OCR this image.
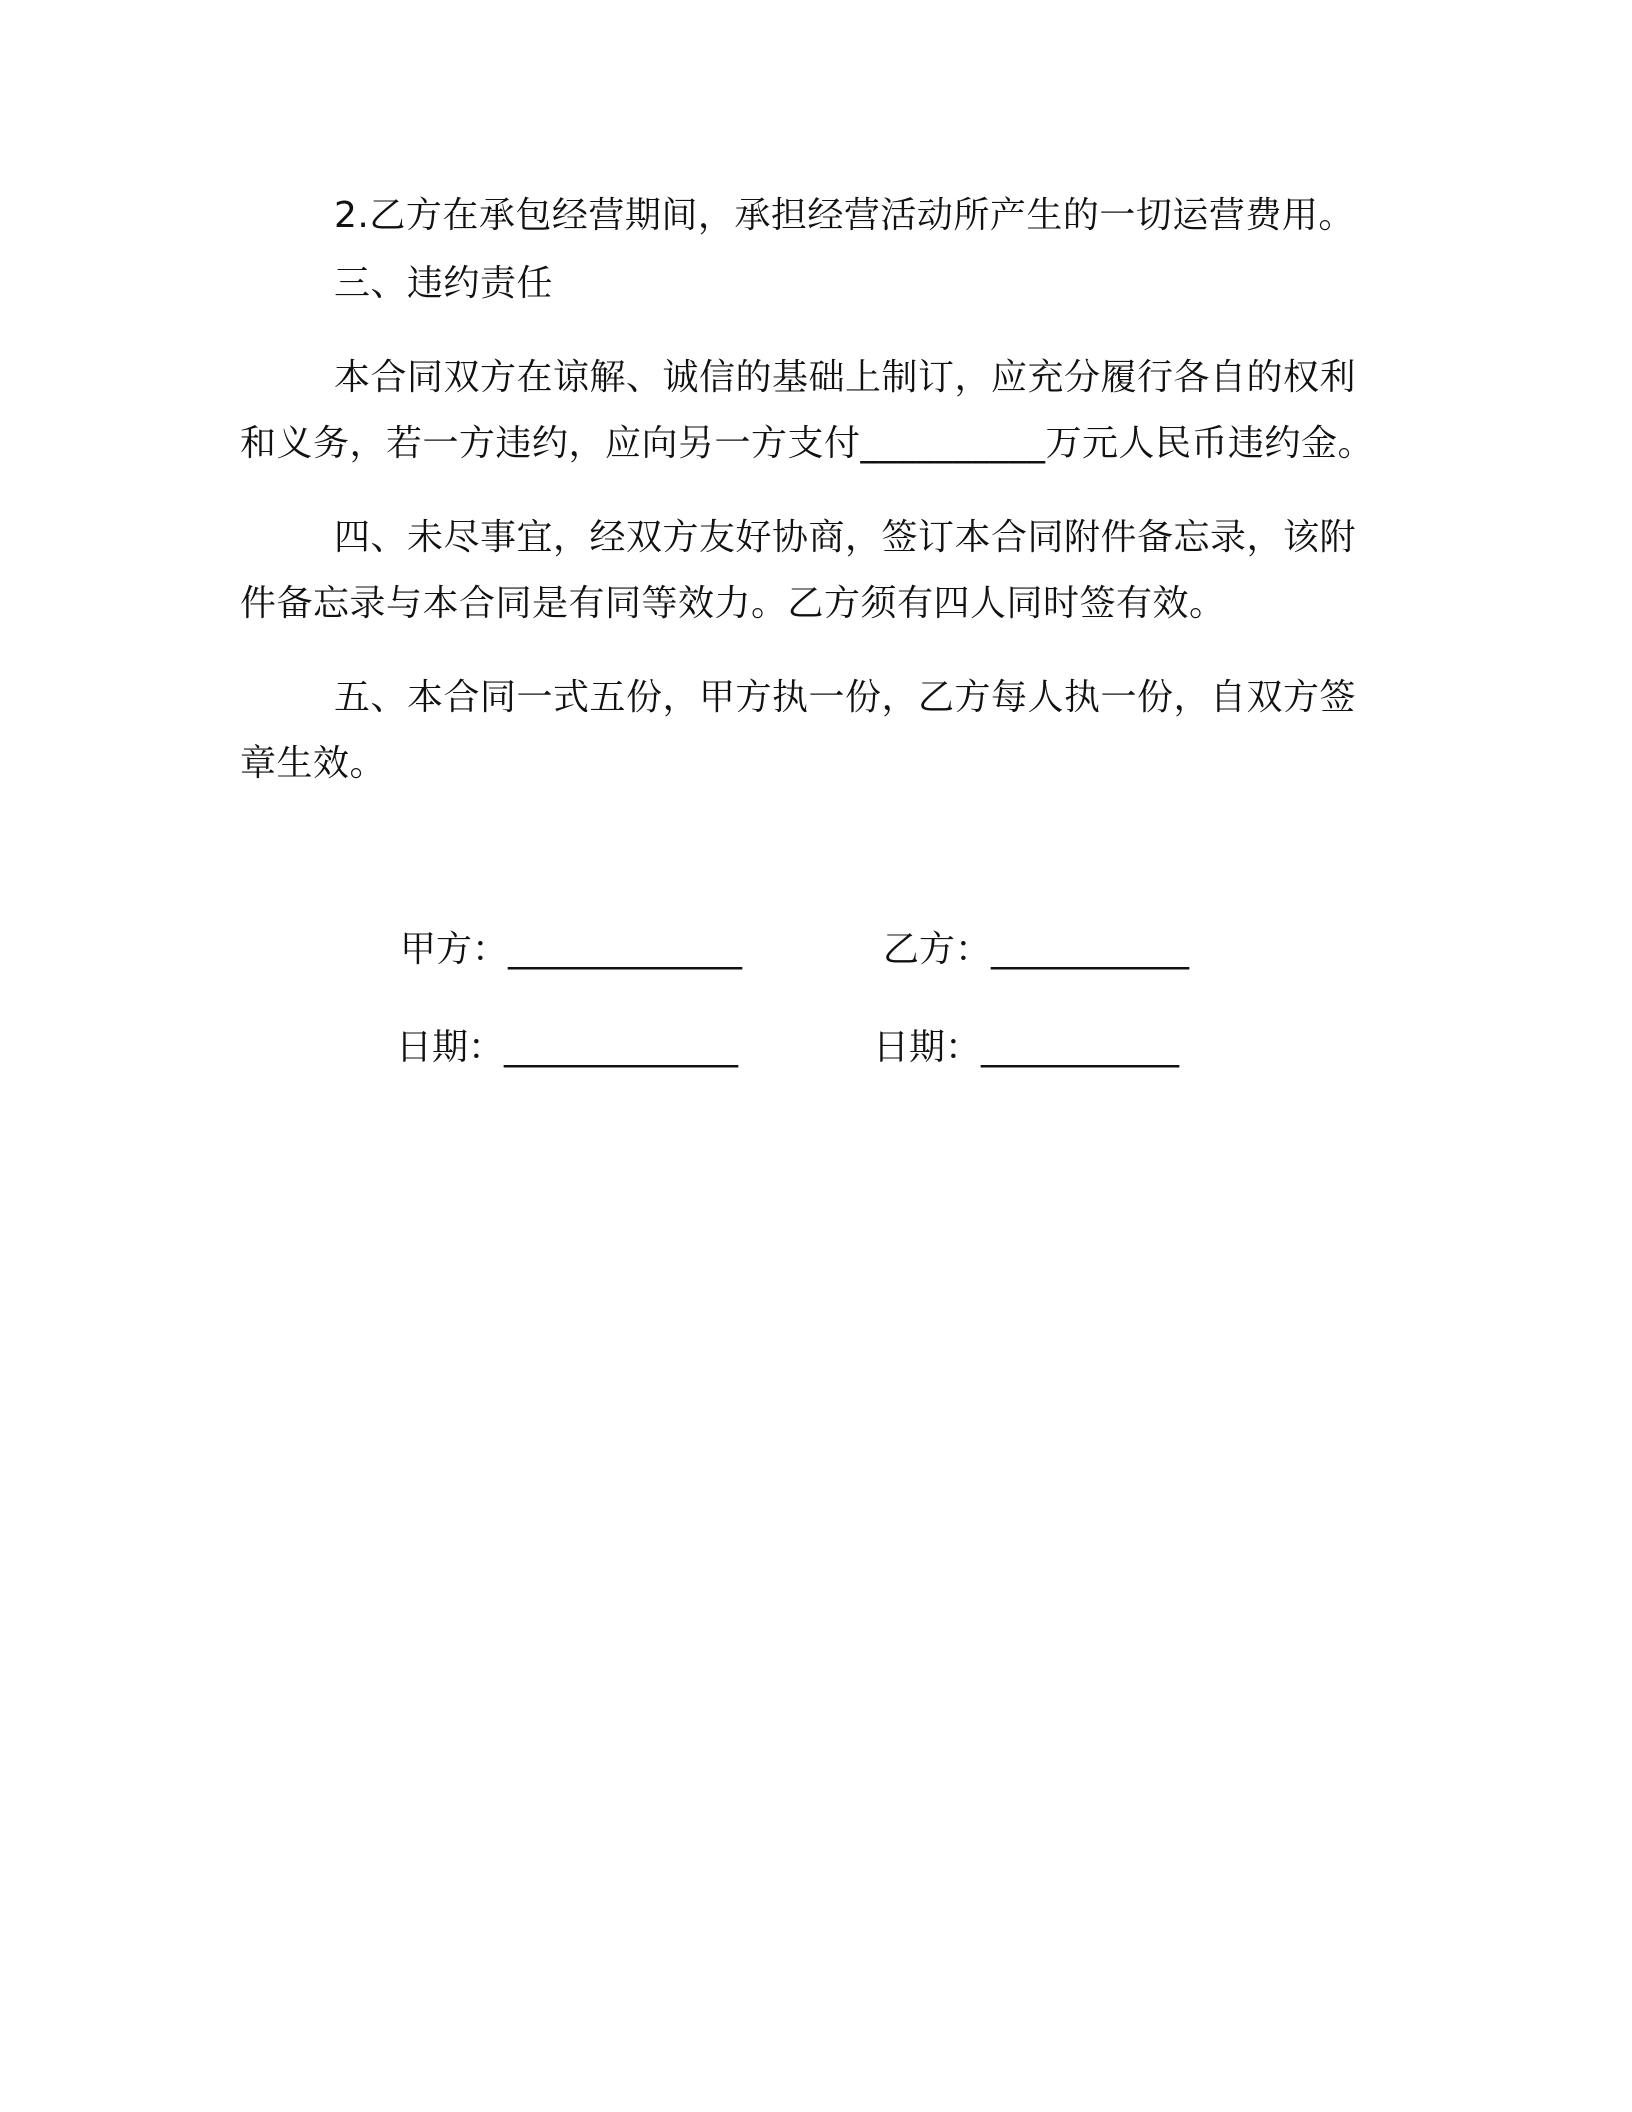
2.乙方在承包经营期间，承担经营活动所产生的一切运营费用。
三、违约责任
本合同双方在谅解、诚信的基础上制订，应充分履行各自的权利
和义务，若一方违约，应向另一方支付__________万元人民币违约金。
四、未尽事宜，经双方友好协商，签订本合同附件备忘录，该附
件备忘录与本合同是有同等效力。乙方须有四人同时签有效。
五、本合同一式五份，甲方执一份，乙方每人执一份，自双方签
章生效。
甲方：_____________	乙方：___________
日期：_____________	日期：___________
